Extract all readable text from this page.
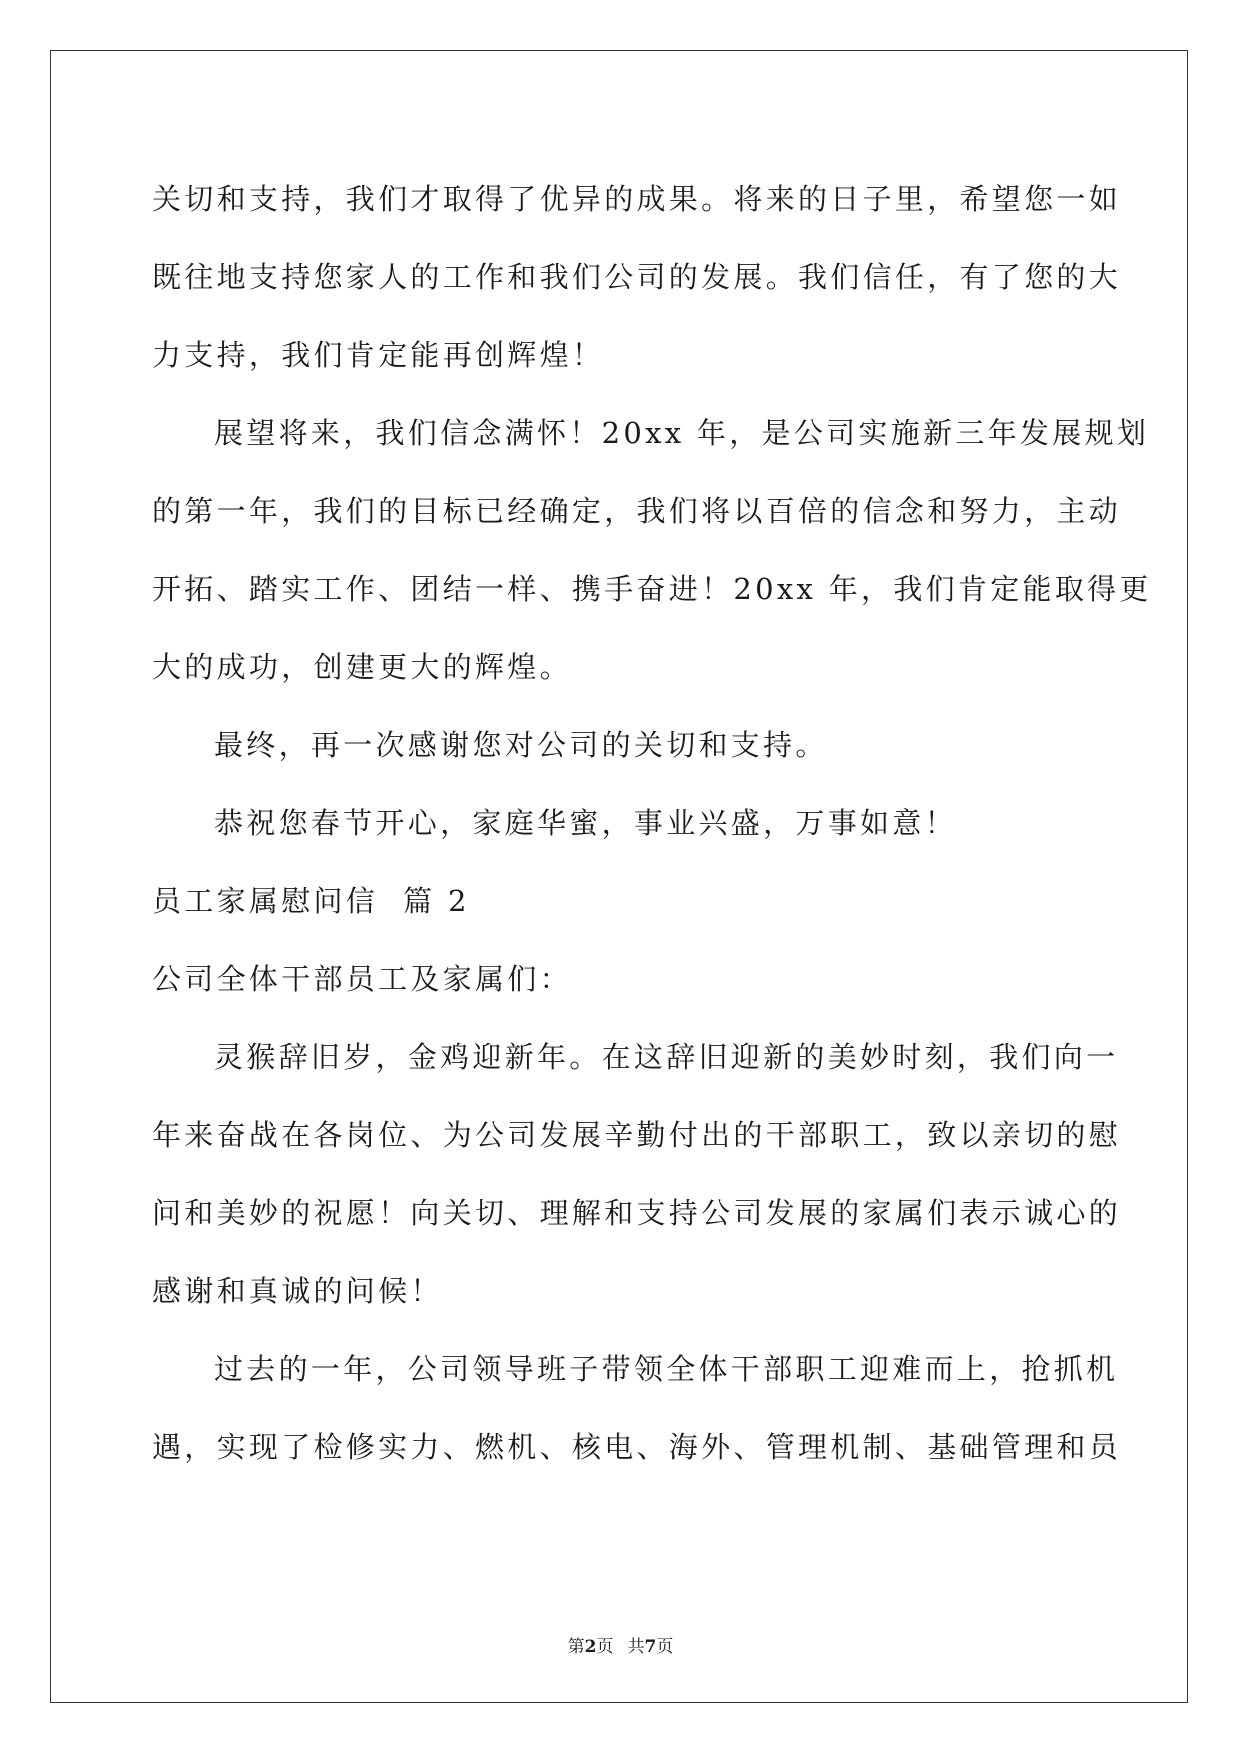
关切和支持，我们才取得了优异的成果。将来的日子里，希望您一如
既往地支持您家人的工作和我们公司的发展。我们信任，有了您的大
力支持，我们肯定能再创辉煌！
展望将来，我们信念满怀！20xx 年，是公司实施新三年发展规划
的第一年，我们的目标已经确定，我们将以百倍的信念和努力，主动
开拓、踏实工作、团结一样、携手奋进！20xx 年，我们肯定能取得更
大的成功，创建更大的辉煌。
最终，再一次感谢您对公司的关切和支持。
恭祝您春节开心，家庭华蜜，事业兴盛，万事如意！
员工家属慰问信  篇 2
公司全体干部员工及家属们：
灵猴辞旧岁，金鸡迎新年。在这辞旧迎新的美妙时刻，我们向一
年来奋战在各岗位、为公司发展辛勤付出的干部职工，致以亲切的慰
问和美妙的祝愿！向关切、理解和支持公司发展的家属们表示诚心的
感谢和真诚的问候！
过去的一年，公司领导班子带领全体干部职工迎难而上，抢抓机
遇，实现了检修实力、燃机、核电、海外、管理机制、基础管理和员
第2页 共7页
